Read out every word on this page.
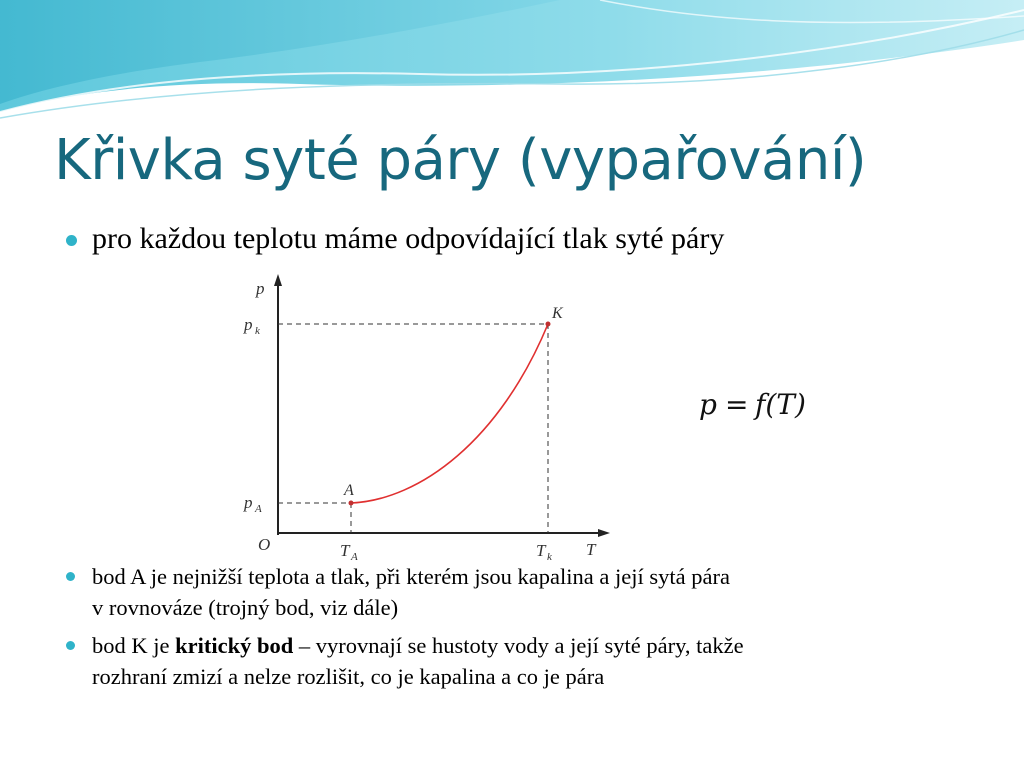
Křivka syté páry (vypařování)
pro každou teplotu máme odpovídající tlak syté páry
p
T
O
p k
p A
T A	T k
A
K
p = f(T)
bod A je nejnižší teplota a tlak, při kterém jsou kapalina a její sytá pára
v rovnováze (trojný bod, viz dále)
bod K je kritický bod – vyrovnají se hustoty vody a její syté páry, takže
rozhraní zmizí a nelze rozlišit, co je kapalina a co je pára
